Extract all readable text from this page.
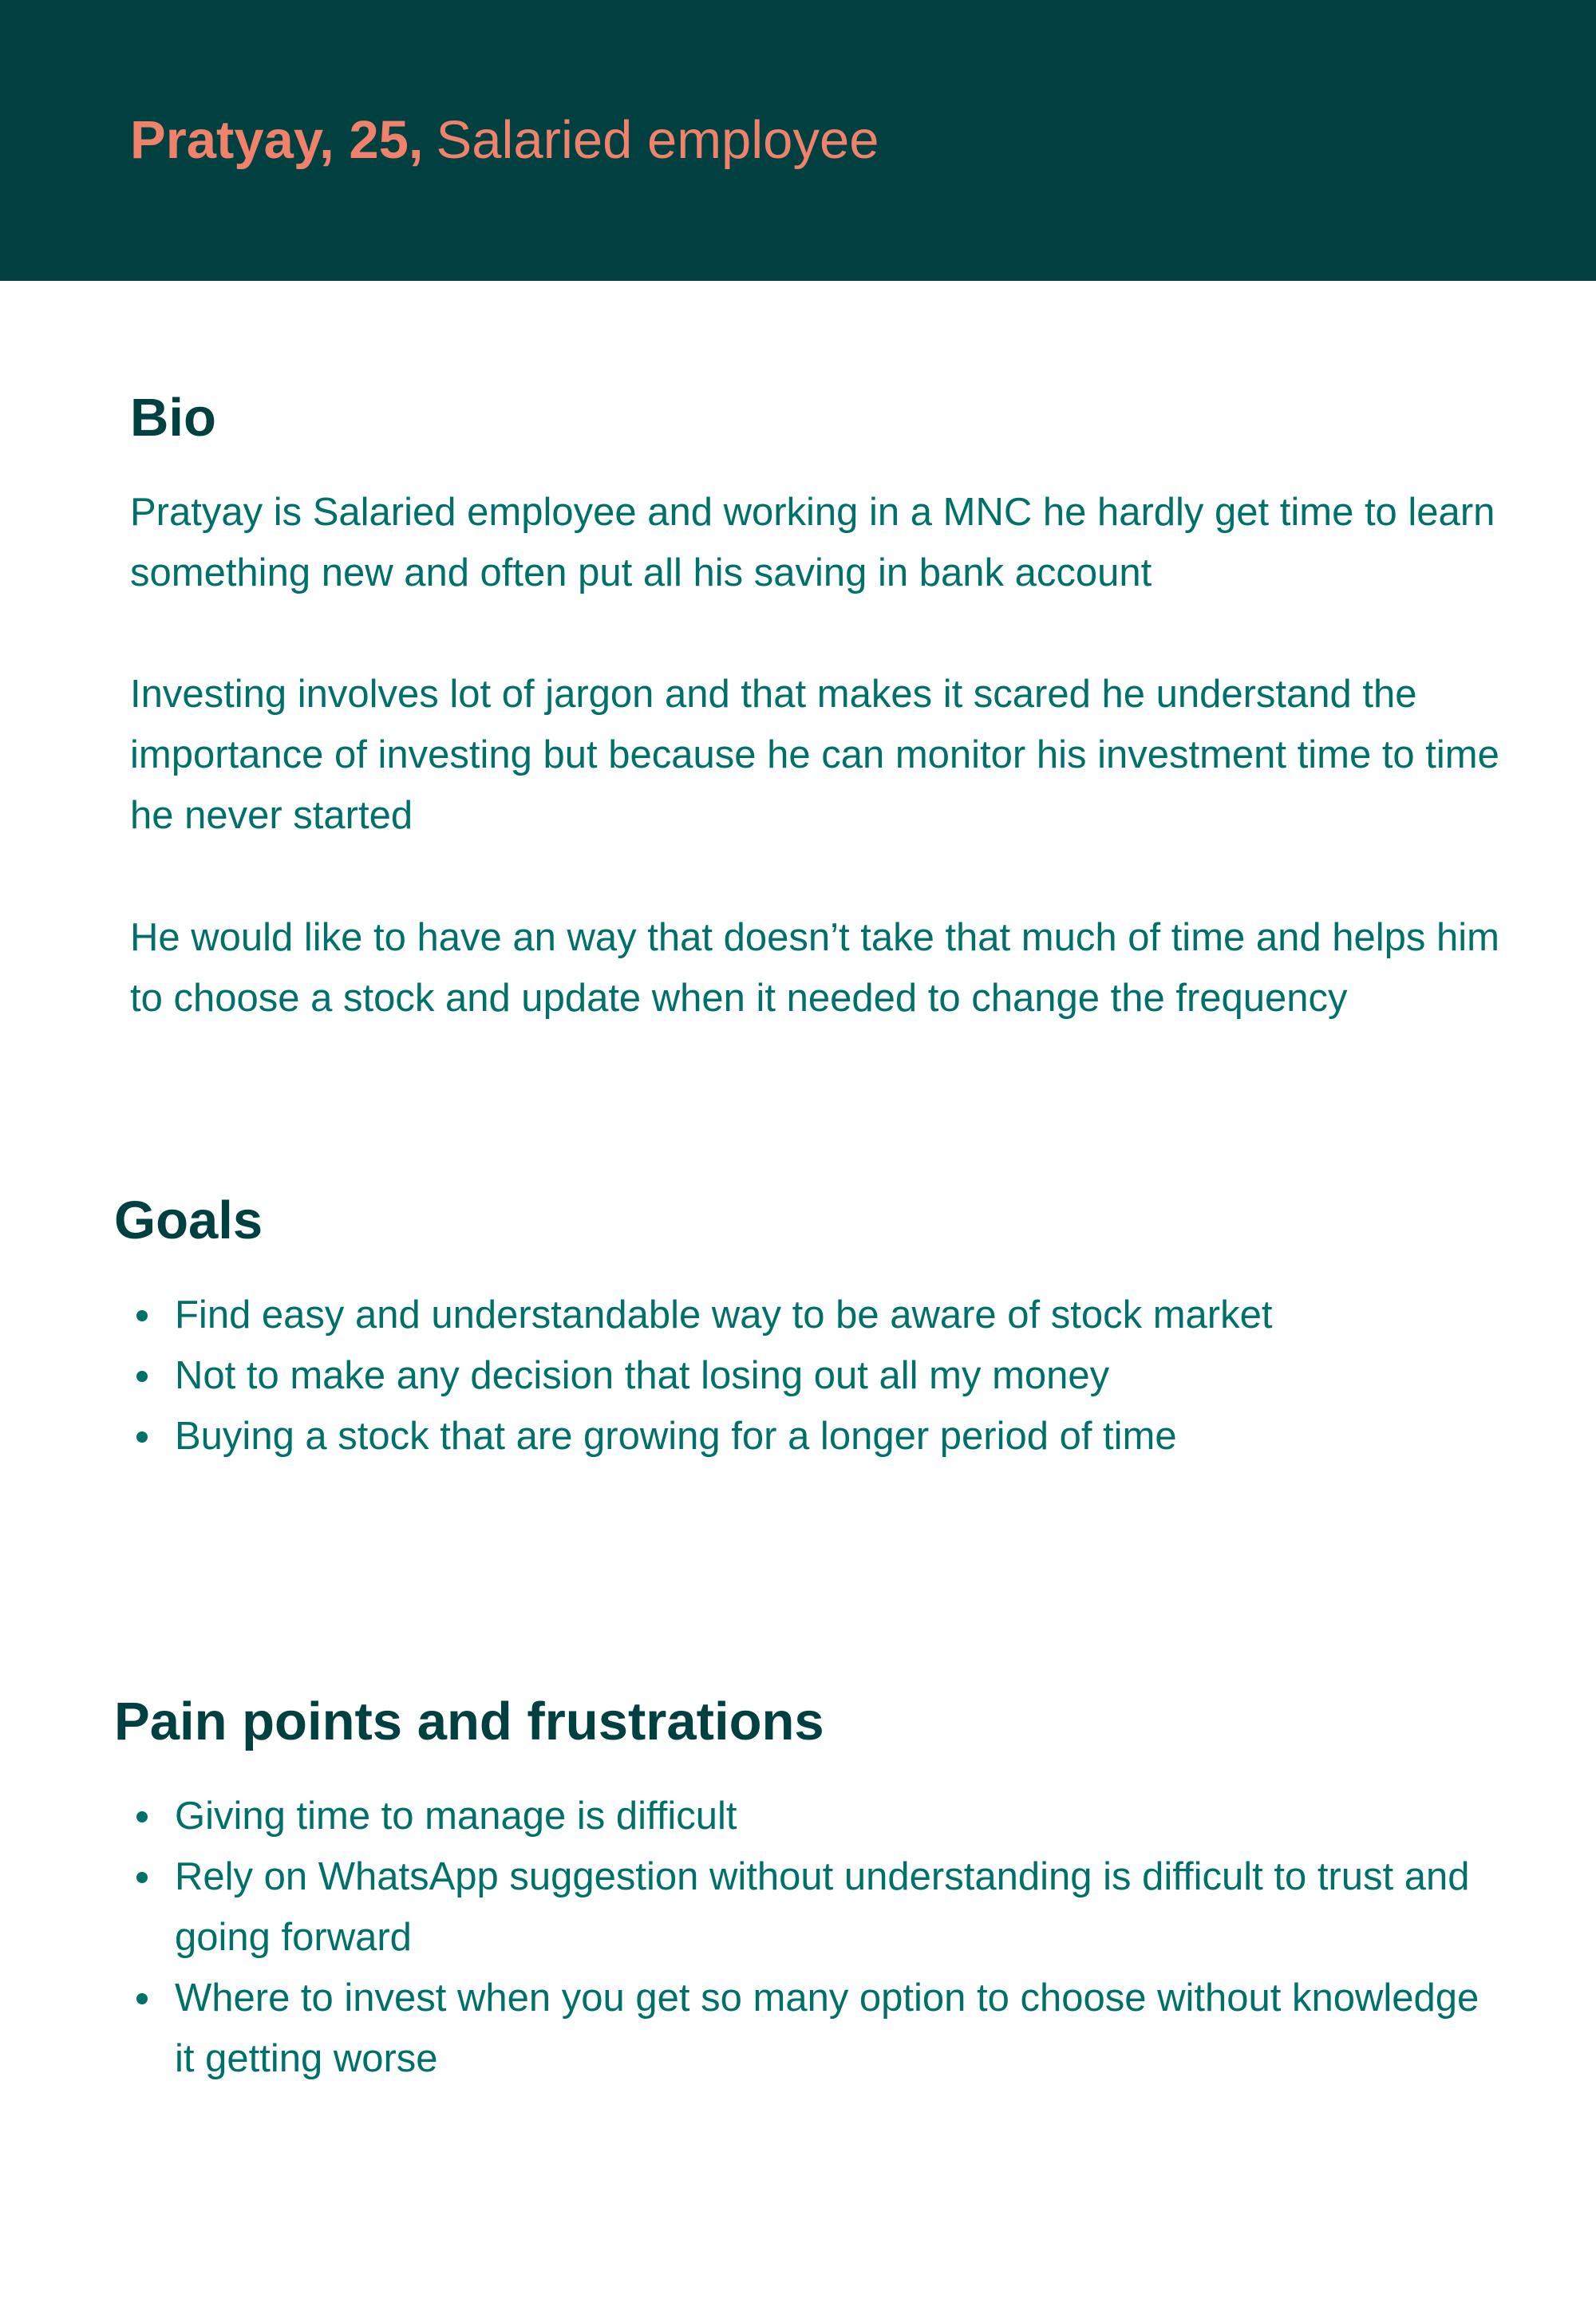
Pratyay, 25, Salaried employee
Bio

Pratyay is Salaried employee and working in a MNC he hardly get time to learn something new and often put all his saving in bank account

Investing involves lot of jargon and that makes it scared he understand the importance of investing but because he can monitor his investment time to time he never started

He would like to have an way that doesn’t take that much of time and helps him to choose a stock and update when it needed to change the frequency

Goals
Find easy and understandable way to be aware of stock market
Not to make any decision that losing out all my money
Buying a stock that are growing for a longer period of time
Pain points and frustrations
Giving time to manage is difficult
Rely on WhatsApp suggestion without understanding is difficult to trust and going forward
Where to invest when you get so many option to choose without knowledge it getting worse
